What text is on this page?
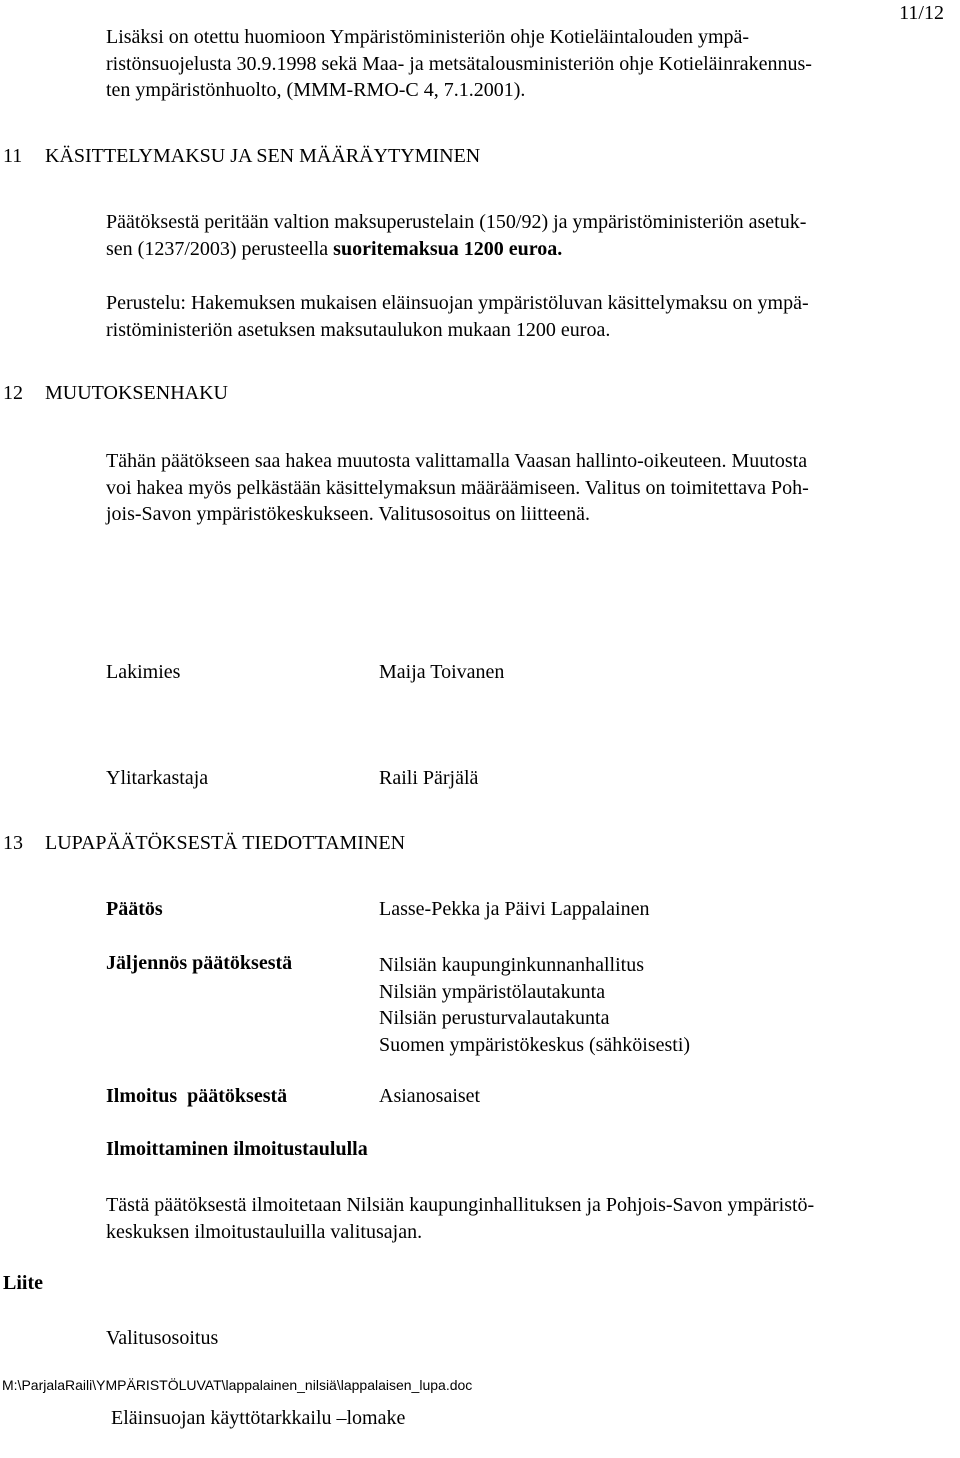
11/12
Lisäksi on otettu huomioon Ympäristöministeriön ohje Kotieläintalouden ympä-
ristönsuojelusta 30.9.1998 sekä Maa- ja metsätalousministeriön ohje Kotieläinrakennus-
ten ympäristönhuolto, (MMM-RMO-C 4, 7.1.2001).
11 KÄSITTELYMAKSU JA SEN MÄÄRÄYTYMINEN
Päätöksestä peritään valtion maksuperustelain (150/92) ja ympäristöministeriön asetuk-
sen (1237/2003) perusteella suoritemaksua 1200 euroa.
Perustelu: Hakemuksen mukaisen eläinsuojan ympäristöluvan käsittelymaksu on ympä-
ristöministeriön asetuksen maksutaulukon mukaan 1200 euroa.
12 MUUTOKSENHAKU
Tähän päätökseen saa hakea muutosta valittamalla Vaasan hallinto-oikeuteen. Muutosta
voi hakea myös pelkästään käsittelymaksun määräämiseen. Valitus on toimitettava Poh-
jois-Savon ympäristökeskukseen. Valitusosoitus on liitteenä.
Lakimies	Maija Toivanen
Ylitarkastaja	Raili Pärjälä
13 LUPAPÄÄTÖKSESTÄ TIEDOTTAMINEN
Päätös	Lasse-Pekka ja Päivi Lappalainen
Jäljennös päätöksestä	Nilsiän kaupunginkunnanhallitus
Nilsiän ympäristölautakunta
Nilsiän perusturvalautakunta
Suomen ympäristökeskus (sähköisesti)
Ilmoitus  päätöksestä	Asianosaiset
Ilmoittaminen ilmoitustaululla
Tästä päätöksestä ilmoitetaan Nilsiän kaupunginhallituksen ja Pohjois-Savon ympäristö-
keskuksen ilmoitustauluilla valitusajan.
Liite

Valitusosoitus

Eläinsuojan käyttötarkkailu –lomake

M:\ParjalaRaili\YMPÄRISTÖLUVAT\lappalainen_nilsiä\lappalaisen_lupa.doc
